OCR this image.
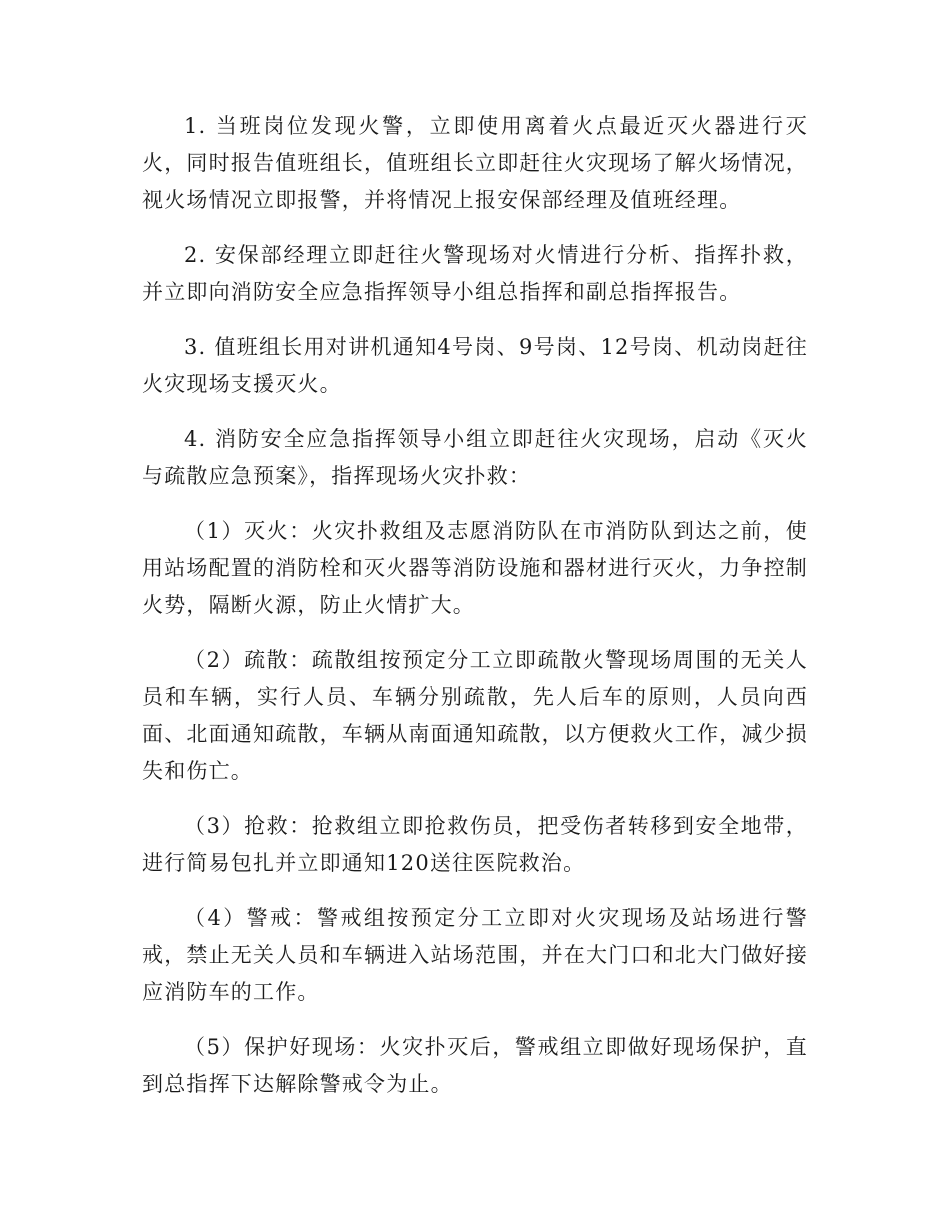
1. 当班岗位发现火警，立即使用离着火点最近灭火器进行灭火，同时报告值班组长，值班组长立即赶往火灾现场了解火场情况，视火场情况立即报警，并将情况上报安保部经理及值班经理。

2. 安保部经理立即赶往火警现场对火情进行分析、指挥扑救，并立即向消防安全应急指挥领导小组总指挥和副总指挥报告。

3. 值班组长用对讲机通知4号岗、9号岗、12号岗、机动岗赶往火灾现场支援灭火。

4. 消防安全应急指挥领导小组立即赶往火灾现场，启动《灭火与疏散应急预案》，指挥现场火灾扑救：

（1）灭火：火灾扑救组及志愿消防队在市消防队到达之前，使用站场配置的消防栓和灭火器等消防设施和器材进行灭火，力争控制火势，隔断火源，防止火情扩大。

（2）疏散：疏散组按预定分工立即疏散火警现场周围的无关人员和车辆，实行人员、车辆分别疏散，先人后车的原则，人员向西面、北面通知疏散，车辆从南面通知疏散，以方便救火工作，减少损失和伤亡。

（3）抢救：抢救组立即抢救伤员，把受伤者转移到安全地带，进行简易包扎并立即通知120送往医院救治。

（4）警戒：警戒组按预定分工立即对火灾现场及站场进行警戒，禁止无关人员和车辆进入站场范围，并在大门口和北大门做好接应消防车的工作。

（5）保护好现场：火灾扑灭后，警戒组立即做好现场保护，直到总指挥下达解除警戒令为止。
